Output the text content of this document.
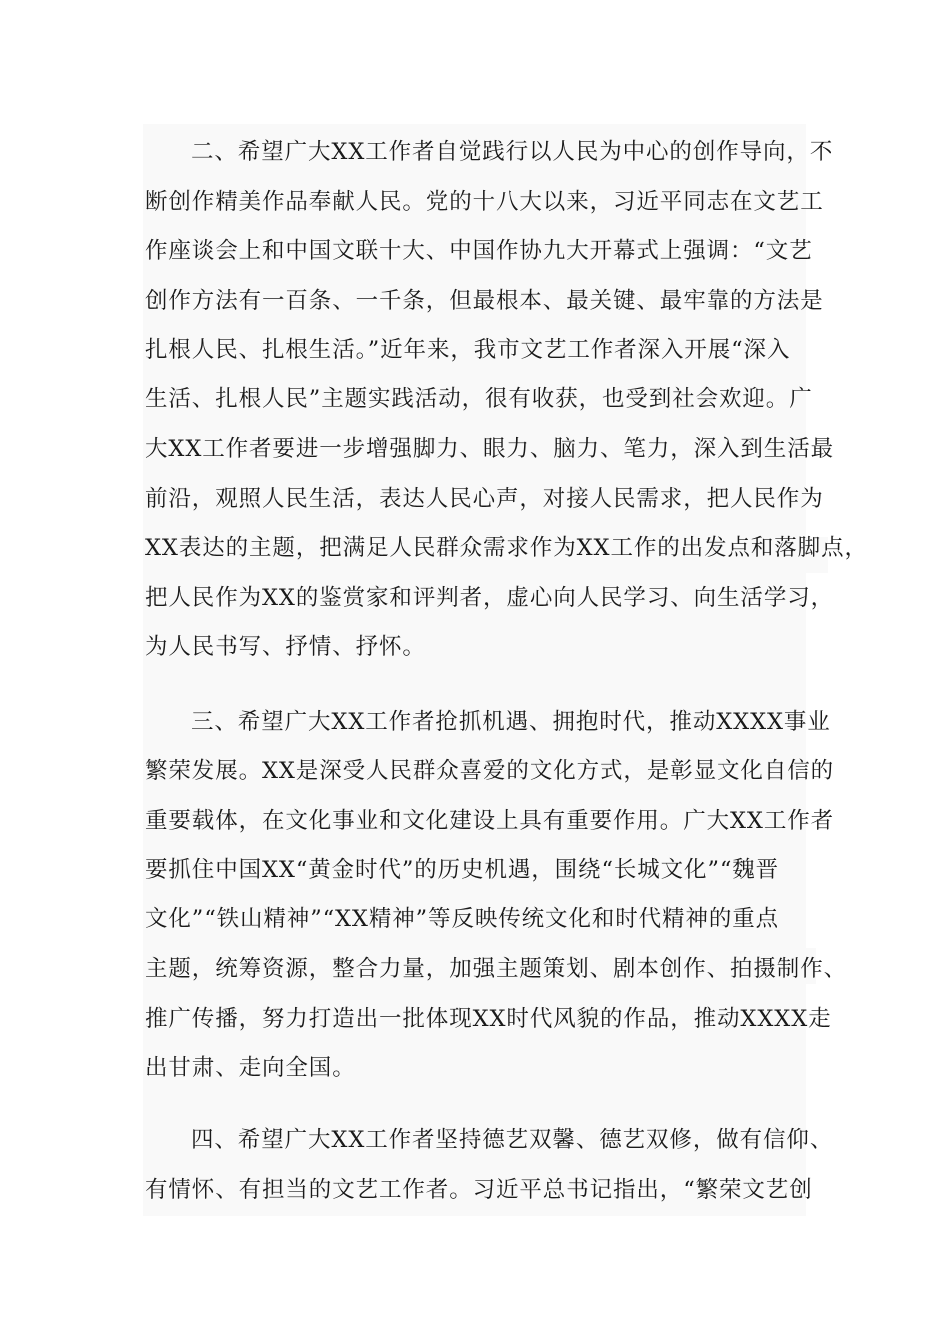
二、希望广大XX工作者自觉践行以人民为中心的创作导向，不
断创作精美作品奉献人民。党的十八大以来，习近平同志在文艺工
作座谈会上和中国文联十大、中国作协九大开幕式上强调：“文艺
创作方法有一百条、一千条，但最根本、最关键、最牢靠的方法是
扎根人民、扎根生活。”近年来，我市文艺工作者深入开展“深入
生活、扎根人民”主题实践活动，很有收获，也受到社会欢迎。广
大XX工作者要进一步增强脚力、眼力、脑力、笔力，深入到生活最
前沿，观照人民生活，表达人民心声，对接人民需求，把人民作为
XX表达的主题，把满足人民群众需求作为XX工作的出发点和落脚点，
把人民作为XX的鉴赏家和评判者，虚心向人民学习、向生活学习，
为人民书写、抒情、抒怀。
三、希望广大XX工作者抢抓机遇、拥抱时代，推动XXXX事业
繁荣发展。XX是深受人民群众喜爱的文化方式，是彰显文化自信的
重要载体，在文化事业和文化建设上具有重要作用。广大XX工作者
要抓住中国XX“黄金时代”的历史机遇，围绕“长城文化”“魏晋
文化”“铁山精神”“XX精神”等反映传统文化和时代精神的重点
主题，统筹资源，整合力量，加强主题策划、剧本创作、拍摄制作、
推广传播，努力打造出一批体现XX时代风貌的作品，推动XXXX走
出甘肃、走向全国。
四、希望广大XX工作者坚持德艺双馨、德艺双修，做有信仰、
有情怀、有担当的文艺工作者。习近平总书记指出，“繁荣文艺创
